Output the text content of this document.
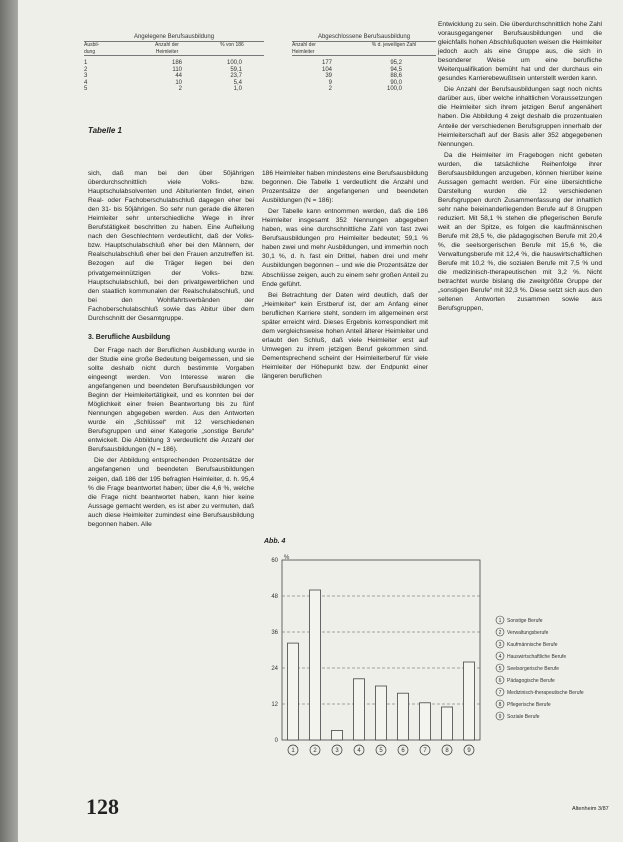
Angelegene Berufsausbildung
Ausbil-
dung
Anzahl der
Heimleiter
% von 186
1	186	100,0
2	110	59,1
3	44	23,7
4	10	5,4
5	2	1,0
Abgeschlossene Berufsausbildung
Anzahl der
Heimleiter
% d. jeweiligen Zahl
177	95,2
104	94,5
39	88,6
9	90,0
2	100,0
Tabelle 1

sich, daß man bei den über 50jährigen überdurchschnittlich viele Volks- bzw. Hauptschulabsolventen und Abiturienten findet, einen Real- oder Fachoberschulabschluß dagegen eher bei den 31- bis 50jährigen. So sehr nun gerade die älteren Heimleiter sehr unterschiedliche Wege in ihrer Berufstätigkeit beschritten zu haben. Eine Aufteilung nach den Geschlechtern verdeutlicht, daß der Volks- bzw. Hauptschulabschluß eher bei den Männern, der Realschulabschluß eher bei den Frauen anzutreffen ist. Bezogen auf die Träger liegen bei den privatgemeinnützigen der Volks- bzw. Hauptschulabschluß, bei den privatgewerblichen und den staatlich kommunalen der Realschulabschluß, und bei den Wohlfahrtsverbänden der Fachoberschulabschluß sowie das Abitur über dem Durchschnitt der Gesamtgruppe.

3. Berufliche Ausbildung

Der Frage nach der Beruflichen Ausbildung wurde in der Studie eine große Bedeutung beigemessen, und sie sollte deshalb nicht durch bestimmte Vorgaben eingeengt werden. Von Interesse waren die angefangenen und beendeten Berufsausbildungen vor Beginn der Heimleitertätigkeit, und es konnten bei der Möglichkeit einer freien Beantwortung bis zu fünf Nennungen abgegeben werden. Aus den Antworten wurde ein „Schlüssel“ mit 12 verschiedenen Berufsgruppen und einer Kategorie „sonstige Berufe“ entwickelt. Die Abbildung 3 verdeutlicht die Anzahl der Berufsausbildungen (N = 186).

Die der Abbildung entsprechenden Prozentsätze der angefangenen und beendeten Berufsausbildungen zeigen, daß 186 der 195 befragten Heimleiter, d. h. 95,4 % die Frage beantwortet haben; über die 4,6 %, welche die Frage nicht beantwortet haben, kann hier keine Aussage gemacht werden, es ist aber zu vermuten, daß auch diese Heimleiter zumindest eine Berufsausbildung begonnen haben. Alle

186 Heimleiter haben mindestens eine Berufsausbildung begonnen. Die Tabelle 1 verdeutlicht die Anzahl und Prozentsätze der angefangenen und beendeten Ausbildungen (N = 186):

Der Tabelle kann entnommen werden, daß die 186 Heimleiter insgesamt 352 Nennungen abgegeben haben, was eine durchschnittliche Zahl von fast zwei Berufsausbildungen pro Heimleiter bedeutet; 59,1 % haben zwei und mehr Ausbildungen, und immerhin noch 30,1 %, d. h. fast ein Drittel, haben drei und mehr Ausbildungen begonnen – und wie die Prozentsätze der Abschlüsse zeigen, auch zu einem sehr großen Anteil zu Ende geführt.

Bei Betrachtung der Daten wird deutlich, daß der „Heimleiter“ kein Erstberuf ist, der am Anfang einer beruflichen Karriere steht, sondern im allgemeinen erst später erreicht wird. Dieses Ergebnis korrespondiert mit dem vergleichsweise hohen Anteil älterer Heimleiter und erlaubt den Schluß, daß viele Heimleiter erst auf Umwegen zu ihrem jetzigen Beruf gekommen sind. Dementsprechend scheint der Heimleiterberuf für viele Heimleiter der Höhepunkt bzw. der Endpunkt einer längeren beruflichen

Entwicklung zu sein. Die überdurchschnittlich hohe Zahl vorausgegangener Berufsausbildungen und die gleichfalls hohen Abschlußquoten weisen die Heimleiter jedoch auch als eine Gruppe aus, die sich in besonderer Weise um eine berufliche Weiterqualifikation bemüht hat und der durchaus ein gesundes Karrierebewußtsein unterstellt werden kann.

Die Anzahl der Berufsausbildungen sagt noch nichts darüber aus, über welche inhaltlichen Voraussetzungen die Heimleiter sich ihrem jetzigen Beruf angenähert haben. Die Abbildung 4 zeigt deshalb die prozentualen Anteile der verschiedenen Berufsgruppen innerhalb der Heimleiterschaft auf der Basis aller 352 abgegebenen Nennungen.

Da die Heimleiter im Fragebogen nicht gebeten wurden, die tatsächliche Reihenfolge ihrer Berufsausbildungen anzugeben, können hierüber keine Aussagen gemacht werden. Für eine übersichtliche Darstellung wurden die 12 verschiedenen Berufsgruppen durch Zusammenfassung der inhaltlich sehr nahe beieinanderliegenden Berufe auf 8 Gruppen reduziert. Mit 58,1 % stehen die pflegerischen Berufe weit an der Spitze, es folgen die kaufmännischen Berufe mit 28,5 %, die pädagogischen Berufe mit 20,4 %, die seelsorgerischen Berufe mit 15,6 %, die Verwaltungsberufe mit 12,4 %, die hauswirtschaftlichen Berufe mit 10,2 %, die sozialen Berufe mit 7,5 % und die medizinisch-therapeutischen mit 3,2 %. Nicht betrachtet wurde bislang die zweitgrößte Gruppe der „sonstigen Berufe“ mit 32,3 %. Diese setzt sich aus den seltenen Antworten zusammen sowie aus Berufsgruppen,

Abb. 4
%
0
12
24
36
48
60
1	2	3	4	5	6	7	8	9
1 Sonstige Berufe
2 Verwaltungsberufe
3 Kaufmännische Berufe
4 Hauswirtschaftliche Berufe
5 Seelsorgerische Berufe
6 Pädagogische Berufe
7 Medizinisch-therapeutische Berufe
8 Pflegerische Berufe
9 Soziale Berufe
128	Altenheim 3/87
